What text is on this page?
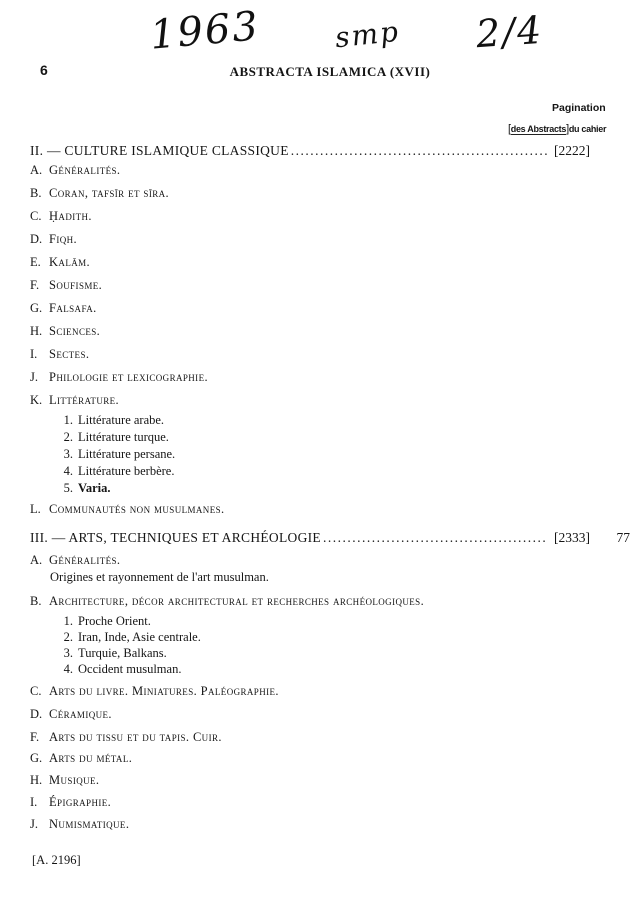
1963	smp 2/4
6	ABSTRACTA ISLAMICA (XVII)
Pagination
[des Abstracts]du cahier
II. — CULTURE ISLAMIQUE CLASSIQUE .....	[2222]
A. Généralités.
B. Coran, tafsīr et sīra.
C. Ḥadith.
D. Fiqh.
E. Kalām.
F. Soufisme.
G. Falsafa.
H. Sciences.
I. Sectes.
J. Philologie et lexicographie.
K. Littérature.
1. Littérature arabe.
2. Littérature turque.
3. Littérature persane.
4. Littérature berbère.
5. Varia.
L. Communautés non musulmanes.
III. — ARTS, TECHNIQUES ET ARCHÉOLOGIE .....	[2333]	77
A. Généralités.
Origines et rayonnement de l'art musulman.
B. Architecture, décor architectural et recherches archéologiques.
1. Proche Orient.
2. Iran, Inde, Asie centrale.
3. Turquie, Balkans.
4. Occident musulman.
C. Arts du livre. Miniatures. Paléographie.
D. Céramique.
F. Arts du tissu et du tapis. Cuir.
G. Arts du métal.
H. Musique.
I. Épigraphie.
J. Numismatique.
[A. 2196]
